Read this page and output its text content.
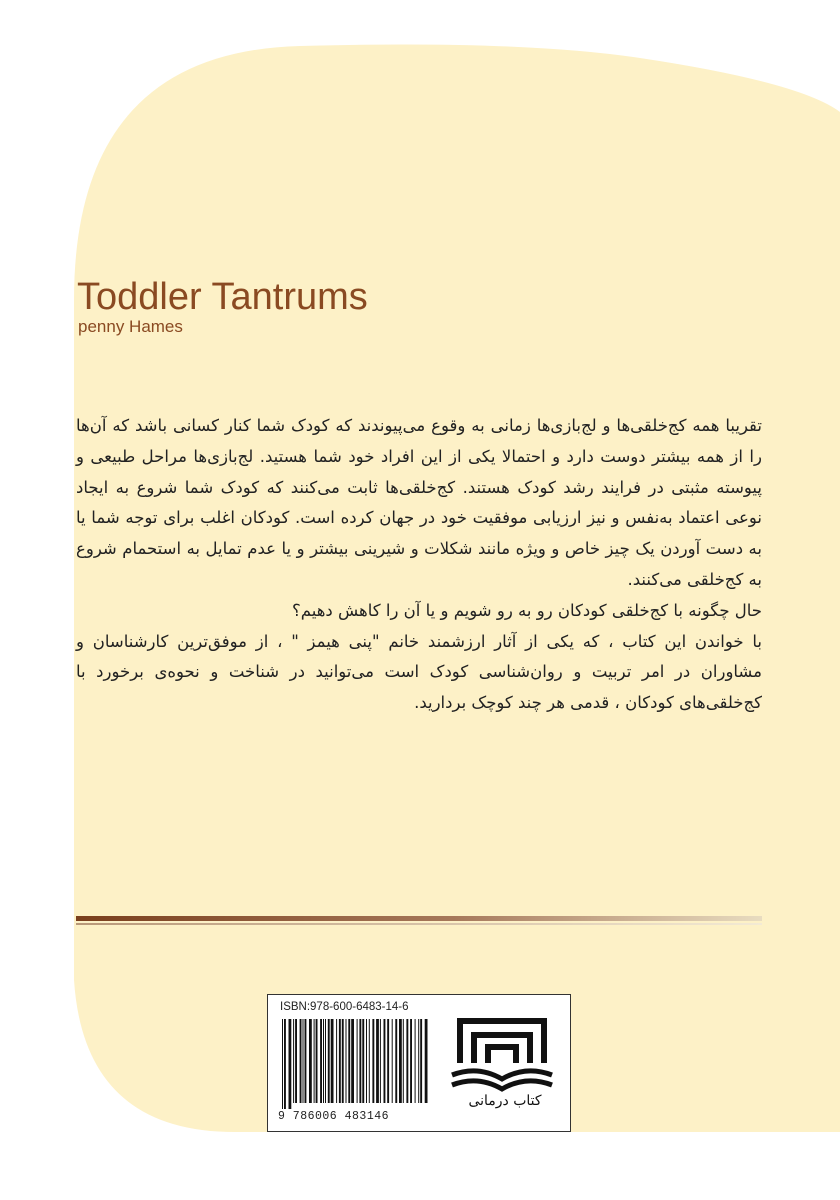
Toddler Tantrums
penny Hames

تقریبا همه کج‌خلقی‌ها و لج‌بازی‌ها زمانی به وقوع می‌پیوندند که کودک شما کنار کسانی باشد که آن‌ها را از همه بیشتر دوست دارد و احتمالا یکی از این افراد خود شما هستید. لج‌بازی‌ها مراحل طبیعی و پیوسته مثبتی در فرایند رشد کودک هستند. کج‌خلقی‌ها ثابت می‌کنند که کودک شما شروع به ایجاد نوعی اعتماد به‌نفس و نیز ارزیابی موفقیت خود در جهان کرده است. کودکان اغلب برای توجه شما یا به دست آوردن یک چیز خاص و ویژه مانند شکلات و شیرینی بیشتر و یا عدم تمایل به استحمام شروع به کج‌خلقی می‌کنند.

حال چگونه با کج‌خلقی کودکان رو به رو شویم و یا آن را کاهش دهیم؟

با خواندن این کتاب ، که یکی از آثار ارزشمند خانم "پنی هیمز " ، از موفق‌ترین کارشناسان و مشاوران در امر تربیت و روان‌شناسی کودک است می‌توانید در شناخت و نحوه‌ی برخورد با کج‌خلقی‌های کودکان ، قدمی هر چند کوچک بردارید.

ISBN:978-600-6483-14-6
9 786006 483146
کتاب درمانی
